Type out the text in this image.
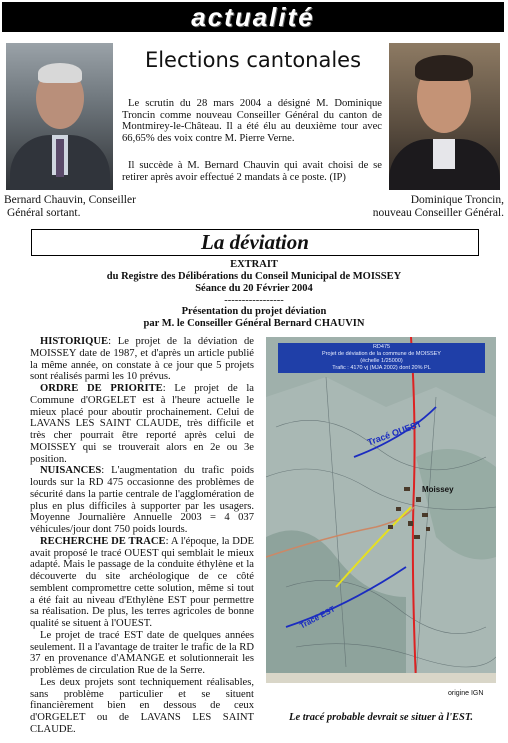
actualité
Bernard Chauvin, Conseiller
Général sortant.
Dominique Troncin,
nouveau Conseiller Général.
Elections cantonales
Le scrutin du 28 mars 2004 a désigné M. Dominique Troncin comme nouveau Conseiller Général du canton de Montmirey-le-Château. Il a été élu au deuxième tour avec 66,65% des voix contre M. Pierre Verne.
Il succède à M. Bernard Chauvin qui avait choisi de se retirer après avoir effectué 2 mandats à ce poste. (IP)
La déviation
EXTRAIT
du Registre des Délibérations du Conseil Municipal de MOISSEY
Séance du 20 Février 2004
-----------------
Présentation du projet déviation
par M. le Conseiller Général Bernard CHAUVIN

HISTORIQUE: Le projet de la déviation de MOISSEY date de 1987, et d'après un article publié la même année, on constate à ce jour que 5 projets sont réalisés parmi les 10 prévus.

ORDRE DE PRIORITE: Le projet de la Commune d'ORGELET est à l'heure actuelle le mieux placé pour aboutir prochainement. Celui de LAVANS LES SAINT CLAUDE, très difficile et très cher pourrait être reporté après celui de MOISSEY qui se trouverait alors en 2e ou 3e position.

NUISANCES: L'augmentation du trafic poids lourds sur la RD 475 occasionne des problèmes de sécurité dans la partie centrale de l'agglomération de plus en plus difficiles à supporter par les usagers. Moyenne Journalière Annuelle 2003 = 4 037 véhicules/jour dont 750 poids lourds.

RECHERCHE DE TRACE: A l'époque, la DDE avait proposé le tracé OUEST qui semblait le mieux adapté. Mais le passage de la conduite éthylène et la découverte du site archéologique de ce côté semblent compromettre cette solution, même si tout a été fait au niveau d'Ethylène EST pour permettre sa réalisation. De plus, les terres agricoles de bonne qualité se situent à l'OUEST.

Le projet de tracé EST date de quelques années seulement. Il a l'avantage de traiter le trafic de la RD 37 en provenance d'AMANGE et solutionnerait les problèmes de circulation Rue de la Serre.

Les deux projets sont techniquement réalisables, sans problème particulier et se situent financièrement bien en dessous de ceux d'ORGELET ou de LAVANS LES SAINT CLAUDE.

Tracé OUEST
Tracé EST
Moissey
RD475
Projet de déviation de la commune de MOISSEY
(échelle 1/25000)
Trafic : 4170 vj (MJA 2002) dont 20% PL
origine IGN
Le tracé probable devrait se situer à l'EST.
